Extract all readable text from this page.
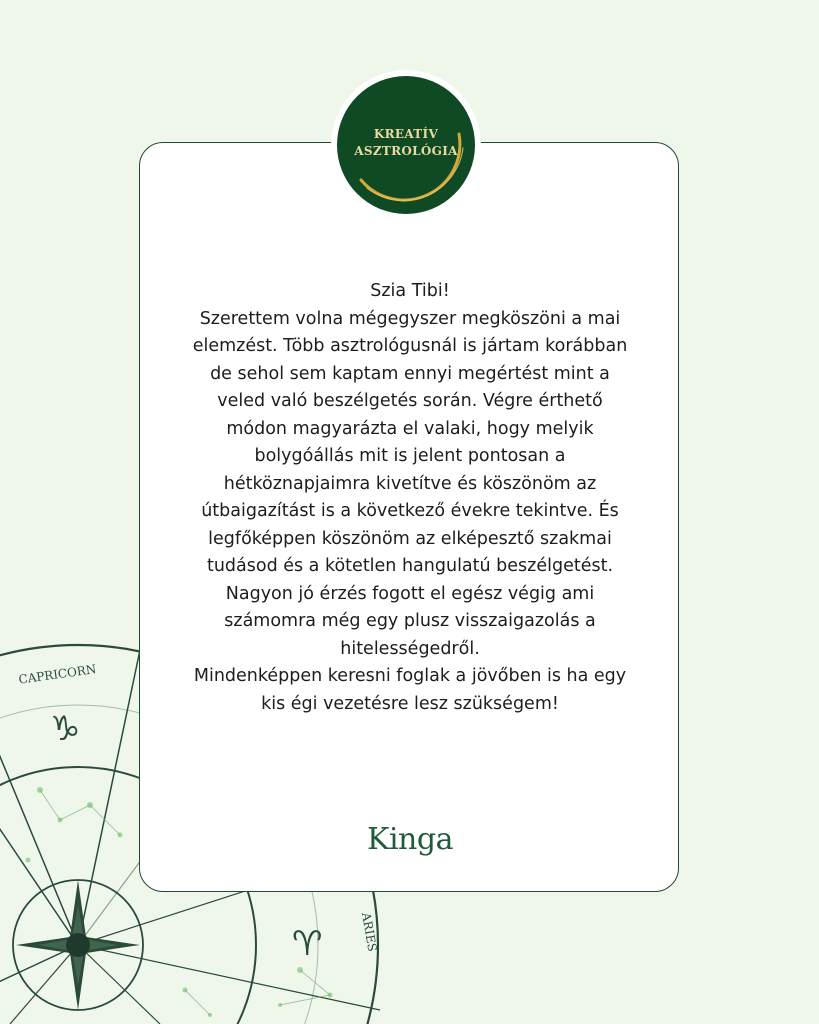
CAPRICORN
ARIES
♑
♈
KREATÍV
ASZTROLÓGIA

Szia Tibi!

Szerettem volna mégegyszer megköszöni a mai

elemzést. Több asztrológusnál is jártam korábban

de sehol sem kaptam ennyi megértést mint a

veled való beszélgetés során. Végre érthető

módon magyarázta el valaki, hogy melyik

bolygóállás mit is jelent pontosan a

hétköznapjaimra kivetítve és köszönöm az

útbaigazítást is a következő évekre tekintve. És

legfőképpen köszönöm az elképesztő szakmai

tudásod és a kötetlen hangulatú beszélgetést.

Nagyon jó érzés fogott el egész végig ami

számomra még egy plusz visszaigazolás a

hitelességedről.

Mindenképpen keresni foglak a jövőben is ha egy

kis égi vezetésre lesz szükségem!

Kinga
